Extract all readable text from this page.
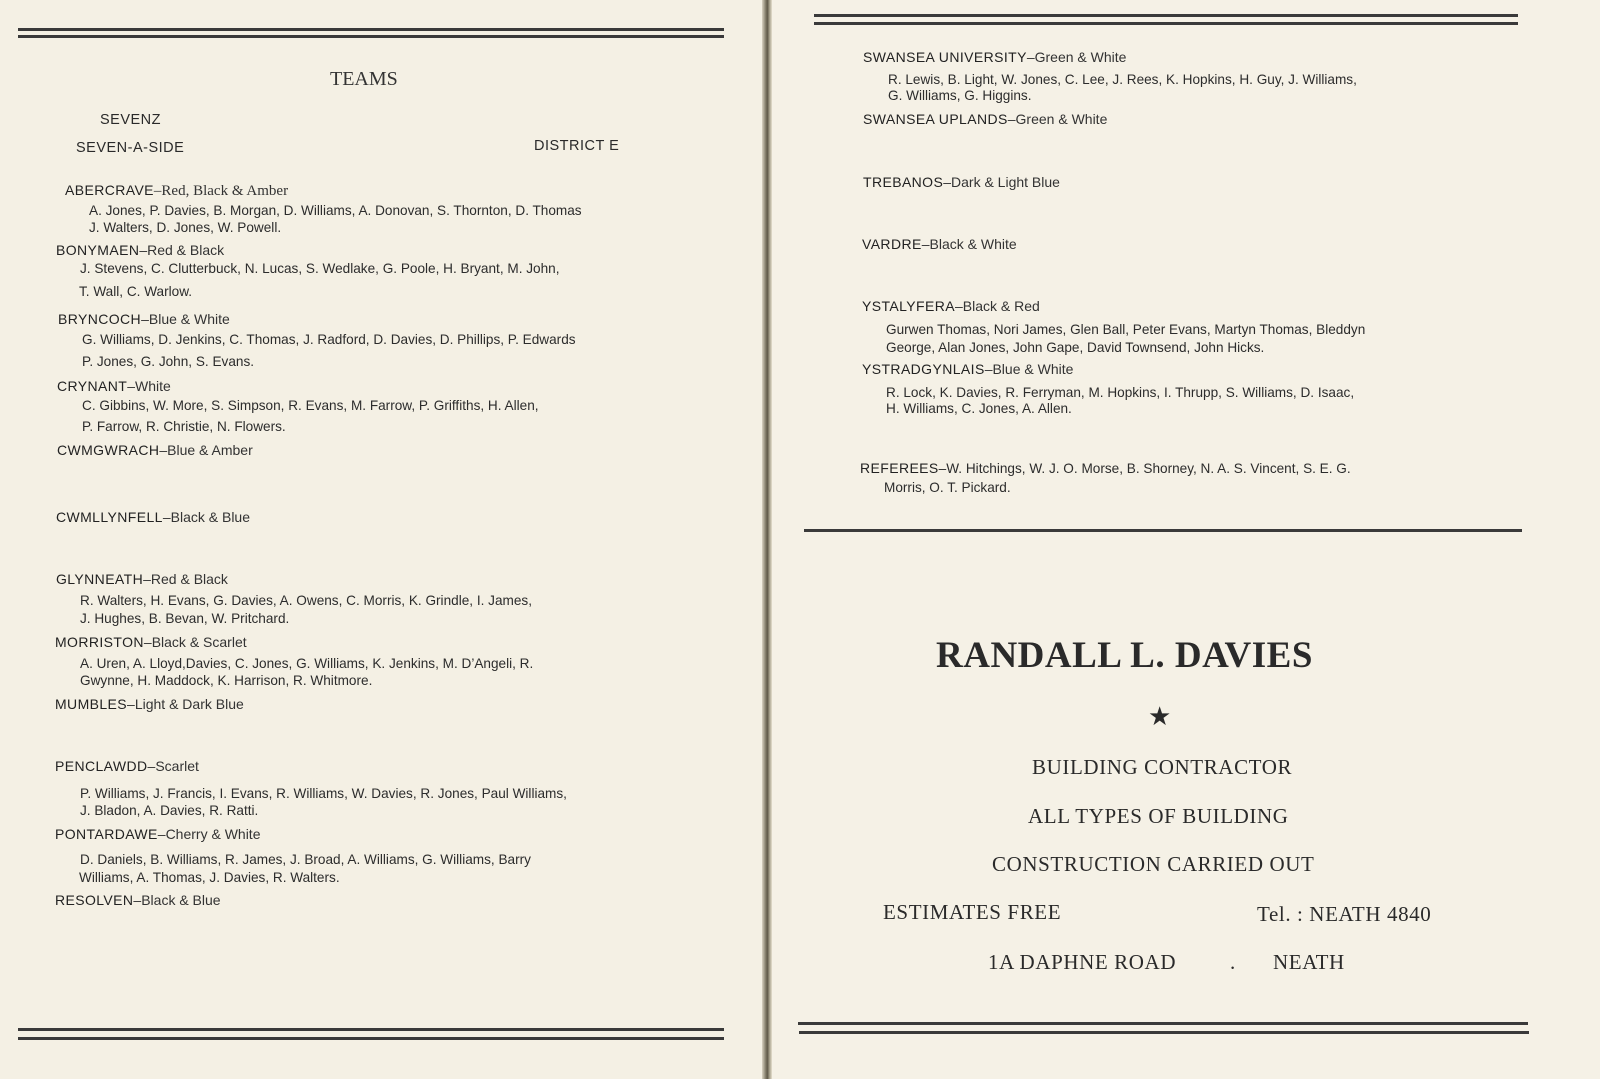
TEAMS
SEVENZ
SEVEN-A-SIDE	DISTRICT E
ABERCRAVE–Red, Black & Amber
A. Jones, P. Davies, B. Morgan, D. Williams, A. Donovan, S. Thornton, D. Thomas
J. Walters, D. Jones, W. Powell.
BONYMAEN–Red & Black
J. Stevens, C. Clutterbuck, N. Lucas, S. Wedlake, G. Poole, H. Bryant, M. John,
T. Wall, C. Warlow.
BRYNCOCH–Blue & White
G. Williams, D. Jenkins, C. Thomas, J. Radford, D. Davies, D. Phillips, P. Edwards
P. Jones, G. John, S. Evans.
CRYNANT–White
C. Gibbins, W. More, S. Simpson, R. Evans, M. Farrow, P. Griffiths, H. Allen,
P. Farrow, R. Christie, N. Flowers.
CWMGWRACH–Blue & Amber
CWMLLYNFELL–Black & Blue
GLYNNEATH–Red & Black
R. Walters, H. Evans, G. Davies, A. Owens, C. Morris, K. Grindle, I. James,
J. Hughes, B. Bevan, W. Pritchard.
MORRISTON–Black & Scarlet
A. Uren, A. Lloyd,Davies, C. Jones, G. Williams, K. Jenkins, M. D’Angeli, R.
Gwynne, H. Maddock, K. Harrison, R. Whitmore.
MUMBLES–Light & Dark Blue
PENCLAWDD–Scarlet
P. Williams, J. Francis, I. Evans, R. Williams, W. Davies, R. Jones, Paul Williams,
J. Bladon, A. Davies, R. Ratti.
PONTARDAWE–Cherry & White
D. Daniels, B. Williams, R. James, J. Broad, A. Williams, G. Williams, Barry
Williams, A. Thomas, J. Davies, R. Walters.
RESOLVEN–Black & Blue
SWANSEA UNIVERSITY–Green & White
R. Lewis, B. Light, W. Jones, C. Lee, J. Rees, K. Hopkins, H. Guy, J. Williams,
G. Williams, G. Higgins.
SWANSEA UPLANDS–Green & White
TREBANOS–Dark & Light Blue
VARDRE–Black & White
YSTALYFERA–Black & Red
Gurwen Thomas, Nori James, Glen Ball, Peter Evans, Martyn Thomas, Bleddyn
George, Alan Jones, John Gape, David Townsend, John Hicks.
YSTRADGYNLAIS–Blue & White
R. Lock, K. Davies, R. Ferryman, M. Hopkins, I. Thrupp, S. Williams, D. Isaac,
H. Williams, C. Jones, A. Allen.
REFEREES–W. Hitchings, W. J. O. Morse, B. Shorney, N. A. S. Vincent, S. E. G.
Morris, O. T. Pickard.
RANDALL L. DAVIES
★
BUILDING CONTRACTOR
ALL TYPES OF BUILDING
CONSTRUCTION CARRIED OUT
ESTIMATES FREE	Tel. : NEATH 4840
1A DAPHNE ROAD	. NEATH
